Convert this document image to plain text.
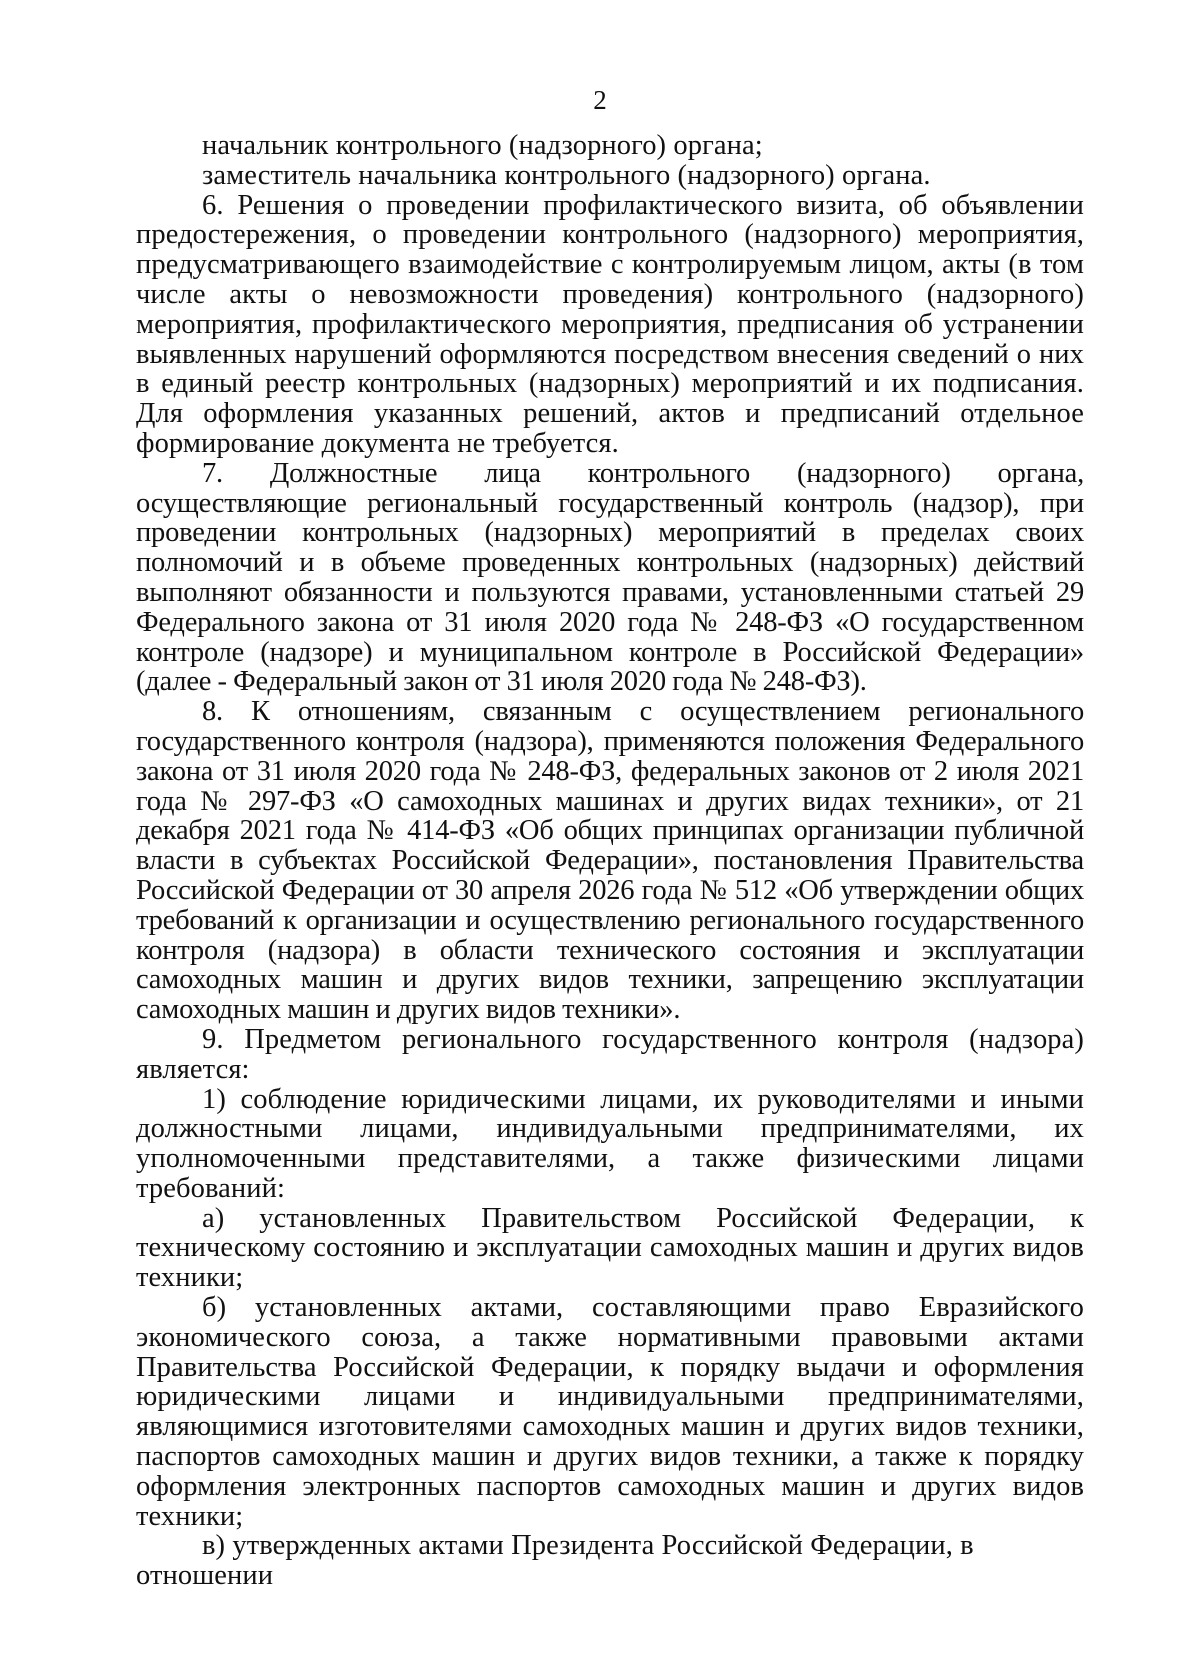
2

начальник контрольного (надзорного) органа;

заместитель начальника контрольного (надзорного) органа.

6. Решения о проведении профилактического визита, об объявлении предостережения, о проведении контрольного (надзорного) мероприятия, предусматривающего взаимодействие с контролируемым лицом, акты (в том числе акты о невозможности проведения) контрольного (надзорного) мероприятия, профилактического мероприятия, предписания об устранении выявленных нарушений оформляются посредством внесения сведений о них в единый реестр контрольных (надзорных) мероприятий и их подписания. Для оформления указанных решений, актов и предписаний отдельное формирование документа не требуется.

7. Должностные лица контрольного (надзорного) органа, осуществляющие региональный государственный контроль (надзор), при проведении контрольных (надзорных) мероприятий в пределах своих полномочий и в объеме проведенных контрольных (надзорных) действий выполняют обязанности и пользуются правами, установленными статьей 29 Федерального закона от 31 июля 2020 года № 248-ФЗ «О государственном контроле (надзоре) и муниципальном контроле в Российской Федерации» (далее - Федеральный закон от 31 июля 2020 года № 248-ФЗ).

8. К отношениям, связанным с осуществлением регионального государственного контроля (надзора), применяются положения Федерального закона от 31 июля 2020 года № 248-ФЗ, федеральных законов от 2 июля 2021 года № 297-ФЗ «О самоходных машинах и других видах техники», от 21 декабря 2021 года № 414-ФЗ «Об общих принципах организации публичной власти в субъектах Российской Федерации», постановления Правительства Российской Федерации от 30 апреля 2026 года № 512 «Об утверждении общих требований к организации и осуществлению регионального государственного контроля (надзора) в области технического состояния и эксплуатации самоходных машин и других видов техники, запрещению эксплуатации самоходных машин и других видов техники».

9. Предметом регионального государственного контроля (надзора) является:

1) соблюдение юридическими лицами, их руководителями и иными должностными лицами, индивидуальными предпринимателями, их уполномоченными представителями, а также физическими лицами требований:

а) установленных Правительством Российской Федерации, к техническому состоянию и эксплуатации самоходных машин и других видов техники;

б) установленных актами, составляющими право Евразийского экономического союза, а также нормативными правовыми актами Правительства Российской Федерации, к порядку выдачи и оформления юридическими лицами и индивидуальными предпринимателями, являющимися изготовителями самоходных машин и других видов техники, паспортов самоходных машин и других видов техники, а также к порядку оформления электронных паспортов самоходных машин и других видов техники;

в) утвержденных актами Президента Российской Федерации, в отношении
